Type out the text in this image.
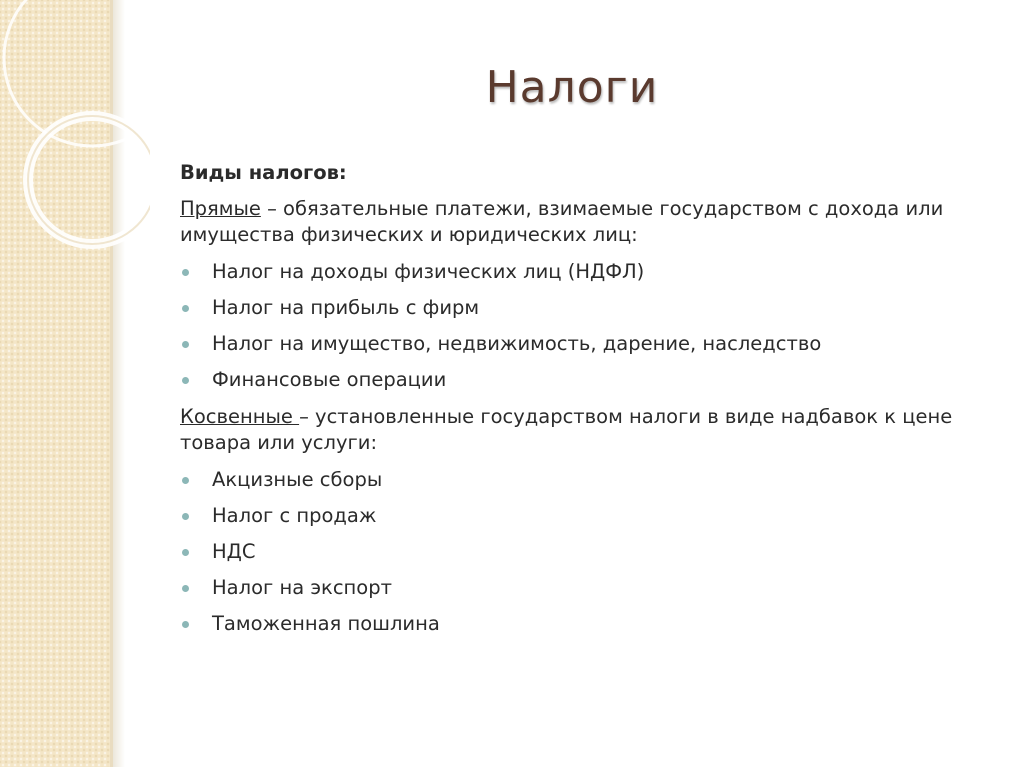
Налоги
Виды налогов:
Прямые – обязательные платежи, взимаемые государством с дохода или имущества физических и юридических лиц:
Налог на доходы физических лиц (НДФЛ)
Налог на прибыль с фирм
Налог на имущество, недвижимость, дарение, наследство
Финансовые операции
Косвенные – установленные государством налоги в виде надбавок к цене товара или услуги:
Акцизные сборы
Налог с продаж
НДС
Налог на экспорт
Таможенная пошлина
